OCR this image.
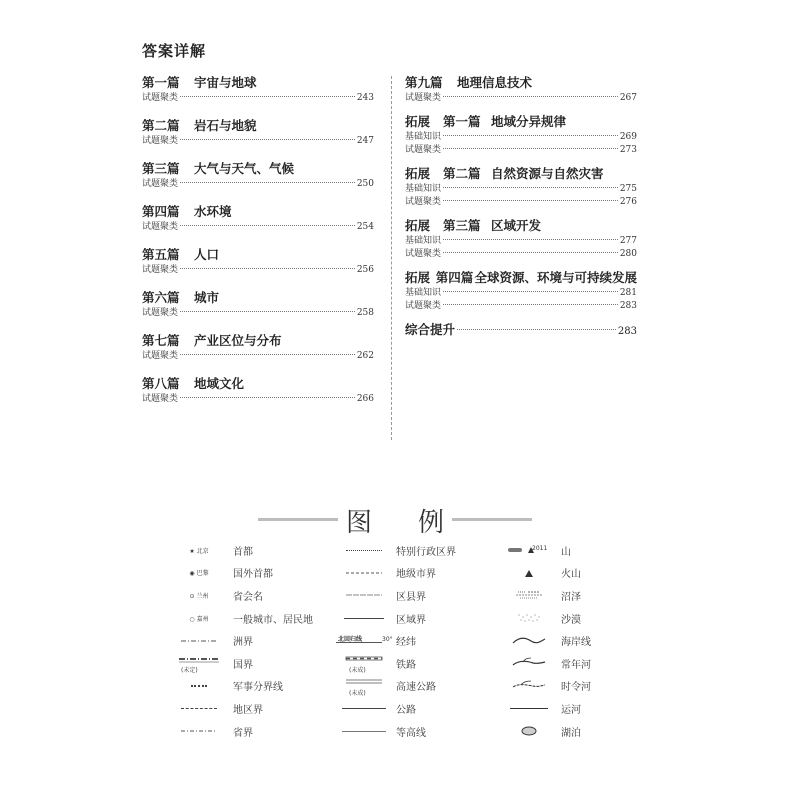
答案详解
第一篇	宇宙与地球
试题聚类	243
第二篇	岩石与地貌
试题聚类	247
第三篇	大气与天气、气候
试题聚类	250
第四篇	水环境
试题聚类	254
第五篇	人口
试题聚类	256
第六篇	城市
试题聚类	258
第七篇	产业区位与分布
试题聚类	262
第八篇	地域文化
试题聚类	266
第九篇	地理信息技术
试题聚类	267
拓展	第一篇 地域分异规律
基础知识	269
试题聚类	273
拓展	第二篇 自然资源与自然灾害
基础知识	275
试题聚类	276
拓展	第三篇 区域开发
基础知识	277
试题聚类	280
拓展 第四篇 全球资源、环境与可持续发展
基础知识	281
试题聚类	283
综合提升	283
图 例
★ 北京 首都
◉ 巴黎 国外首都
⊙ 兰州 省会名
○ 嘉州 一般城市、居民地
洲界
(未定)	国界
军事分界线
地区界
省界
特别行政区界
地级市界
区县界
区域界
北回归线	30° 经纬
(未成)	铁路
(未成)	高速公路
公路
等高线
2011 山
火山
沼泽
沙漠
海岸线
常年河
时令河
运河
湖泊
